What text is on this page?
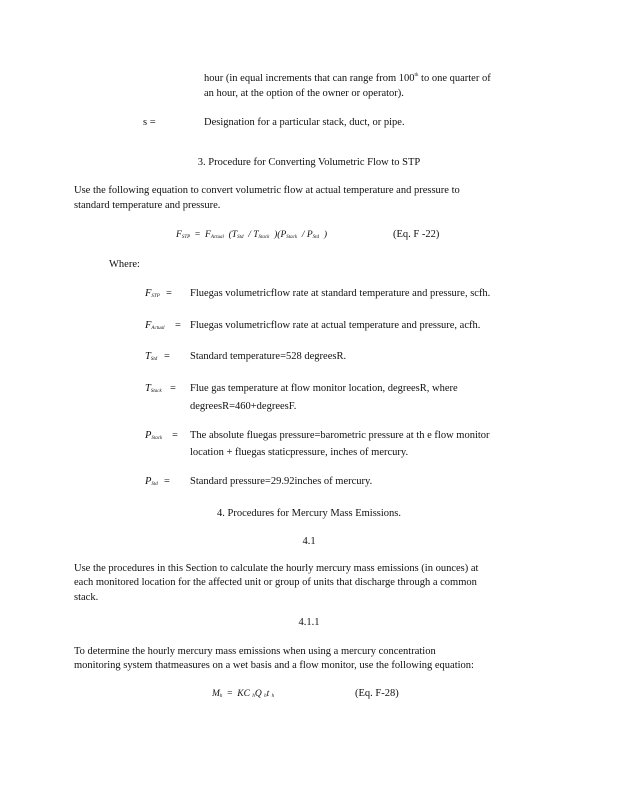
hour (in equal increments that can range from 100th to one quarter of
an hour, at the option of the owner or operator).
s =	Designation for a particular stack, duct, or pipe.
3. Procedure for Converting Volumetric Flow to STP
Use the following equation to convert volumetric flow at actual temperature and pressure to
standard temperature and pressure.
$F_{STP} = F_{Actual}$ ($T_{Std} / T_{Stack}$ )($P_{Stack} / P_{Std}$ )	(Eq. F -22)
Where:
$F_{STP}$ = Fluegas volumetricflow rate at standard temperature and pressure, scfh.
$F_{Actual}$ = Fluegas volumetricflow rate at actual temperature and pressure, acfh.
$T_{Std}$ = Standard temperature=528 degreesR.
$T_{Stack}$ = Flue gas temperature at flow monitor location, degreesR, where
degreesR=460+degreesF.
$P_{Stack}$ = The absolute fluegas pressure=barometric pressure at th e flow monitor
location + fluegas staticpressure, inches of mercury.
$P_{Std}$ = Standard pressure=29.92inches of mercury.
4. Procedures for Mercury Mass Emissions.
4.1
Use the procedures in this Section to calculate the hourly mercury mass emissions (in ounces) at
each monitored location for the affected unit or group of units that discharge through a common
stack.
4.1.1
To determine the hourly mercury mass emissions when using a mercury concentration
monitoring system thatmeasures on a wet basis and a flow monitor, use the following equation:
$M_h$ = KC $_h$Q $_h$t $_h$	(Eq. F-28)
